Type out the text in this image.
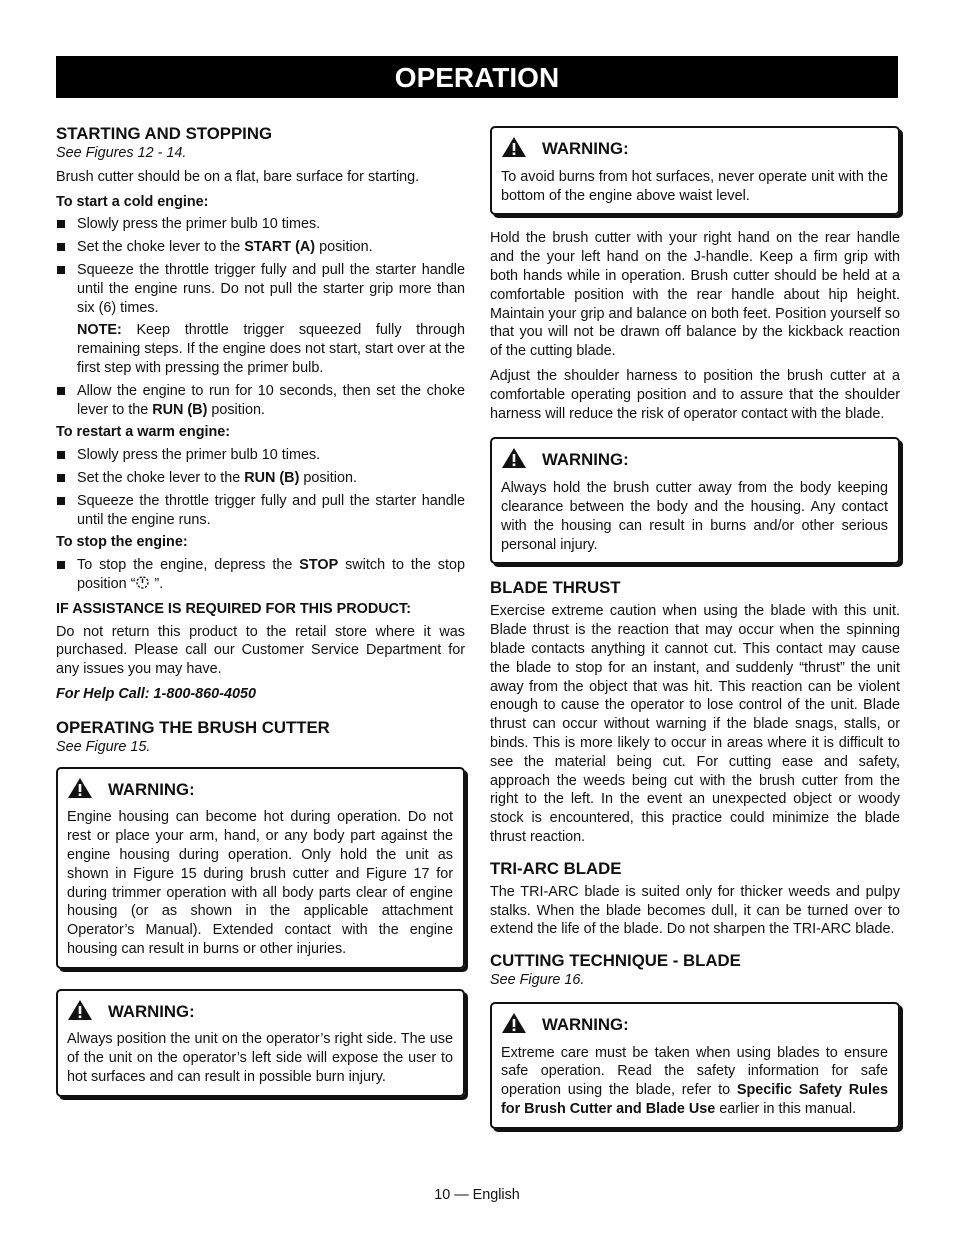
OPERATION
STARTING AND STOPPING
See Figures 12 - 14.

Brush cutter should be on a flat, bare surface for starting.

To start a cold engine:
Slowly press the primer bulb 10 times.
Set the choke lever to the START (A) position.
Squeeze the throttle trigger fully and pull the starter handle until the engine runs. Do not pull the starter grip more than six (6) times.

NOTE: Keep throttle trigger squeezed fully through remaining steps. If the engine does not start, start over at the first step with pressing the primer bulb.

Allow the engine to run for 10 seconds, then set the choke lever to the RUN (B) position.
To restart a warm engine:
Slowly press the primer bulb 10 times.
Set the choke lever to the RUN (B) position.
Squeeze the throttle trigger fully and pull the starter handle until the engine runs.
To stop the engine:
To stop the engine, depress the STOP switch to the stop position “ ”.
IF ASSISTANCE IS REQUIRED FOR THIS PRODUCT:

Do not return this product to the retail store where it was purchased. Please call our Customer Service Department for any issues you may have.

For Help Call: 1-800-860-4050
OPERATING THE BRUSH CUTTER
See Figure 15.
WARNING:

Engine housing can become hot during operation. Do not rest or place your arm, hand, or any body part against the engine housing during operation. Only hold the unit as shown in Figure 15 during brush cutter and Figure 17 for during trimmer operation with all body parts clear of engine housing (or as shown in the applicable attachment Operator’s Manual). Extended contact with the engine housing can result in burns or other injuries.

WARNING:

Always position the unit on the operator’s right side. The use of the unit on the operator’s left side will expose the user to hot surfaces and can result in possible burn injury.

WARNING:

To avoid burns from hot surfaces, never operate unit with the bottom of the engine above waist level.

Hold the brush cutter with your right hand on the rear handle and the your left hand on the J-handle. Keep a firm grip with both hands while in operation. Brush cutter should be held at a comfortable position with the rear handle about hip height. Maintain your grip and balance on both feet. Position yourself so that you will not be drawn off balance by the kickback reaction of the cutting blade.

Adjust the shoulder harness to position the brush cutter at a comfortable operating position and to assure that the shoulder harness will reduce the risk of operator contact with the blade.

WARNING:

Always hold the brush cutter away from the body keeping clearance between the body and the housing. Any contact with the housing can result in burns and/or other serious personal injury.

BLADE THRUST

Exercise extreme caution when using the blade with this unit. Blade thrust is the reaction that may occur when the spinning blade contacts anything it cannot cut. This contact may cause the blade to stop for an instant, and suddenly “thrust” the unit away from the object that was hit. This reaction can be violent enough to cause the operator to lose control of the unit. Blade thrust can occur without warning if the blade snags, stalls, or binds. This is more likely to occur in areas where it is difficult to see the material being cut. For cutting ease and safety, approach the weeds being cut with the brush cutter from the right to the left. In the event an unexpected object or woody stock is encountered, this practice could minimize the blade thrust reaction.

TRI-ARC BLADE

The TRI-ARC blade is suited only for thicker weeds and pulpy stalks. When the blade becomes dull, it can be turned over to extend the life of the blade. Do not sharpen the TRI-ARC blade.

CUTTING TECHNIQUE - BLADE
See Figure 16.
WARNING:

Extreme care must be taken when using blades to ensure safe operation. Read the safety information for safe operation using the blade, refer to Specific Safety Rules for Brush Cutter and Blade Use earlier in this manual.

10 — English
